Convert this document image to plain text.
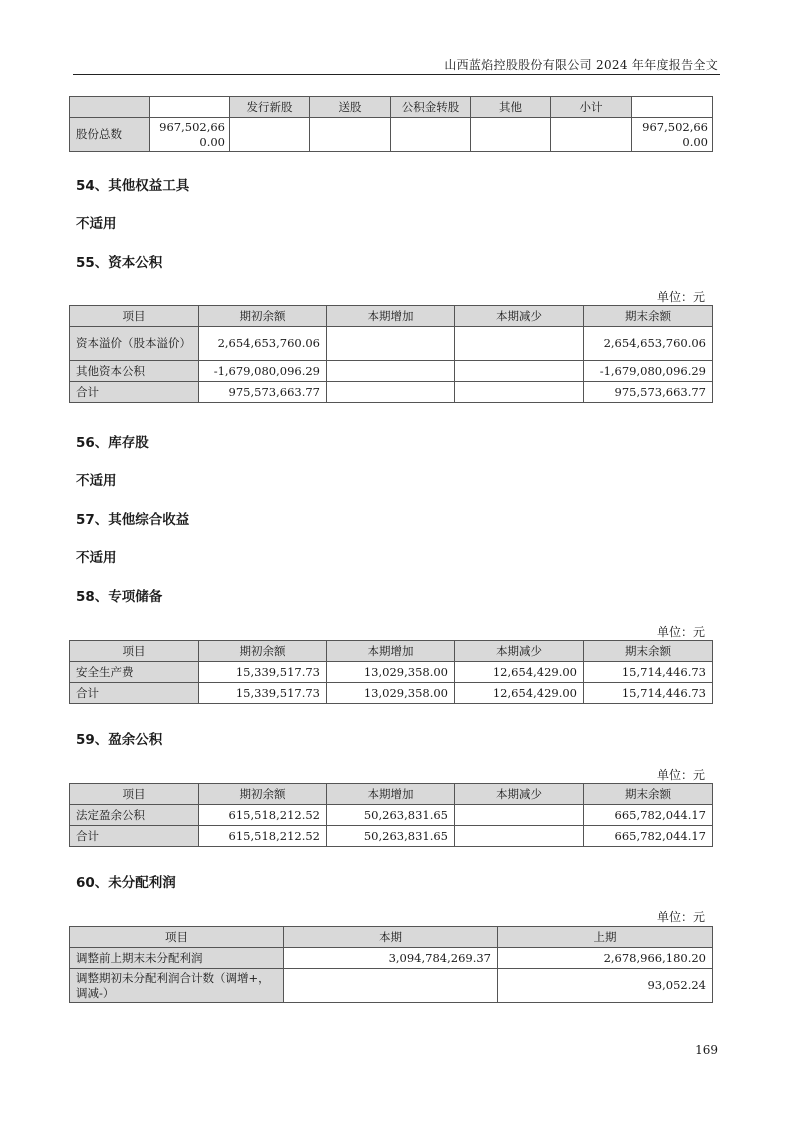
山西蓝焰控股股份有限公司 2024 年年度报告全文
		发行新股	送股	公积金转股	其他	小计	
股份总数	967,502,660.00						967,502,660.00
54、其他权益工具
不适用
55、资本公积
单位：元
项目	期初余额	本期增加	本期减少	期末余额
资本溢价（股本溢价）	2,654,653,760.06			2,654,653,760.06
其他资本公积	-1,679,080,096.29			-1,679,080,096.29
合计	975,573,663.77			975,573,663.77
56、库存股
不适用
57、其他综合收益
不适用
58、专项储备
单位：元
项目	期初余额	本期增加	本期减少	期末余额
安全生产费	15,339,517.73	13,029,358.00	12,654,429.00	15,714,446.73
合计	15,339,517.73	13,029,358.00	12,654,429.00	15,714,446.73
59、盈余公积
单位：元
项目	期初余额	本期增加	本期减少	期末余额
法定盈余公积	615,518,212.52	50,263,831.65		665,782,044.17
合计	615,518,212.52	50,263,831.65		665,782,044.17
60、未分配利润
单位：元
项目	本期	上期
调整前上期末未分配利润	3,094,784,269.37	2,678,966,180.20
调整期初未分配利润合计数（调增+，调减-）		93,052.24
169
